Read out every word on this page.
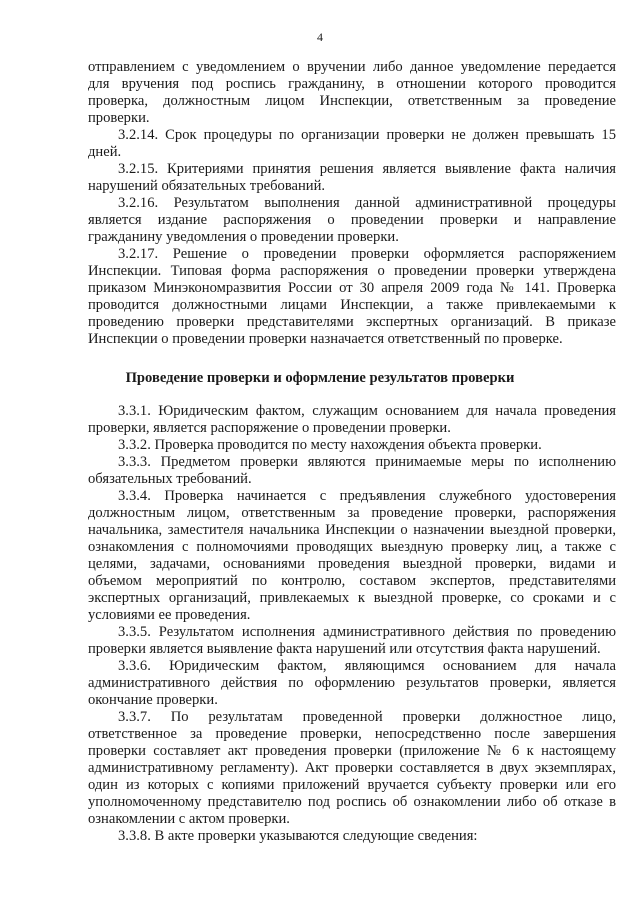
4
отправлением с уведомлением о вручении либо данное уведомление передается
для вручения под роспись гражданину, в отношении которого проводится
проверка, должностным лицом Инспекции, ответственным за проведение
проверки.
3.2.14. Срок процедуры по организации проверки не должен превышать 15
дней.
3.2.15. Критериями принятия решения является выявление факта наличия
нарушений обязательных требований.
3.2.16. Результатом выполнения данной административной процедуры
является издание распоряжения о проведении проверки и направление
гражданину уведомления о проведении проверки.
3.2.17. Решение о проведении проверки оформляется распоряжением
Инспекции. Типовая форма распоряжения о проведении проверки утверждена
приказом Минэкономразвития России от 30 апреля 2009 года № 141. Проверка
проводится должностными лицами Инспекции, а также привлекаемыми к
проведению проверки представителями экспертных организаций. В приказе
Инспекции о проведении проверки назначается ответственный по проверке.
Проведение проверки и оформление результатов проверки
3.3.1. Юридическим фактом, служащим основанием для начала проведения
проверки, является распоряжение о проведении проверки.
3.3.2. Проверка проводится по месту нахождения объекта проверки.
3.3.3. Предметом проверки являются принимаемые меры по исполнению
обязательных требований.
3.3.4. Проверка начинается с предъявления служебного удостоверения
должностным лицом, ответственным за проведение проверки, распоряжения
начальника, заместителя начальника Инспекции о назначении выездной проверки,
ознакомления с полномочиями проводящих выездную проверку лиц, а также с
целями, задачами, основаниями проведения выездной проверки, видами и
объемом мероприятий по контролю, составом экспертов, представителями
экспертных организаций, привлекаемых к выездной проверке, со сроками и с
условиями ее проведения.
3.3.5. Результатом исполнения административного действия по проведению
проверки является выявление факта нарушений или отсутствия факта нарушений.
3.3.6. Юридическим фактом, являющимся основанием для начала
административного действия по оформлению результатов проверки, является
окончание проверки.
3.3.7. По результатам проведенной проверки должностное лицо,
ответственное за проведение проверки, непосредственно после завершения
проверки составляет акт проведения проверки (приложение № 6 к настоящему
административному регламенту). Акт проверки составляется в двух экземплярах,
один из которых с копиями приложений вручается субъекту проверки или его
уполномоченному представителю под роспись об ознакомлении либо об отказе в
ознакомлении с актом проверки.
3.3.8. В акте проверки указываются следующие сведения:
